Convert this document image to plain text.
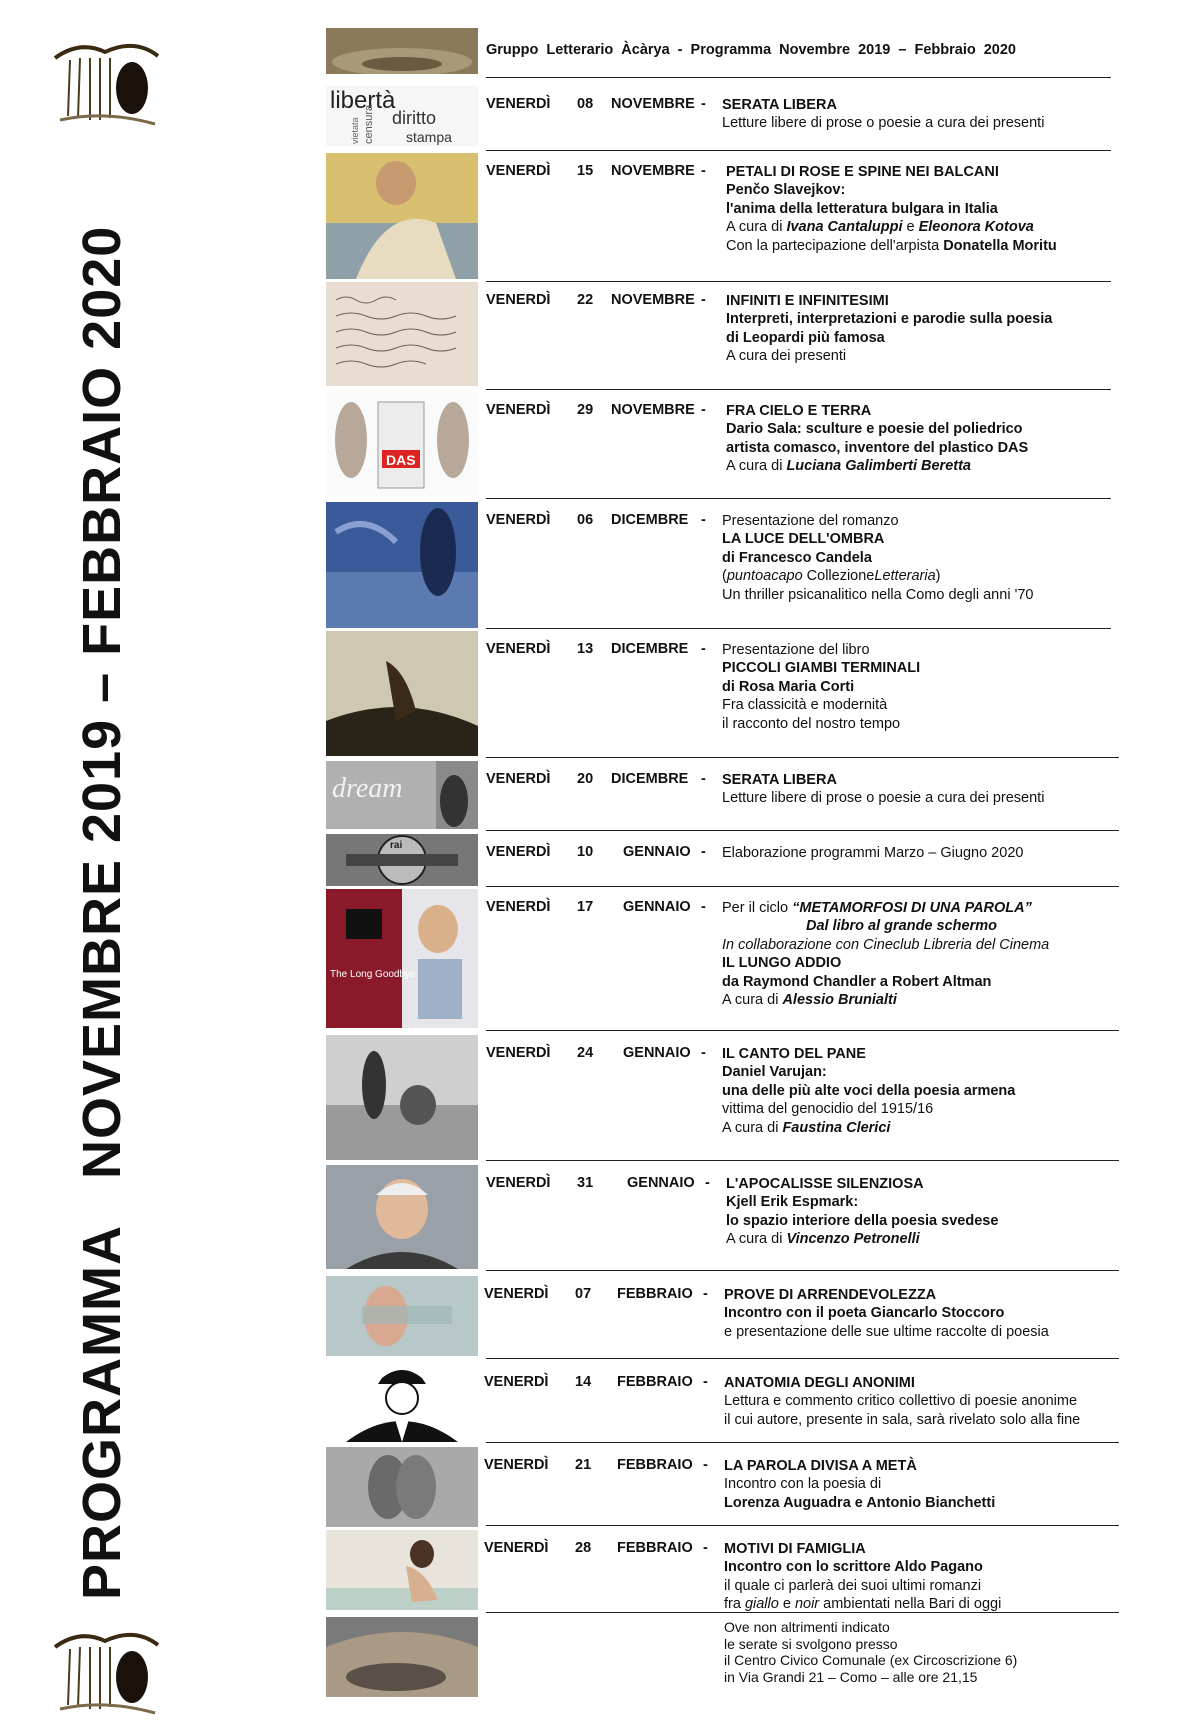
PROGRAMMA   NOVEMBRE 2019 – FEBBRAIO 2020
Gruppo Letterario Àcàrya - Programma Novembre 2019 – Febbraio 2020
libertà
diritto
stampa
censura
vietata
VENERDÌ 08 NOVEMBRE - SERATA LIBERA
Letture libere di prose o poesie a cura dei presenti
VENERDÌ 15 NOVEMBRE - PETALI DI ROSE E SPINE NEI BALCANI
Penčo Slavejkov:
l'anima della letteratura bulgara in Italia
A cura di Ivana Cantaluppi e Eleonora Kotova
Con la partecipazione dell'arpista Donatella Moritu
VENERDÌ 22 NOVEMBRE - INFINITI E INFINITESIMI
Interpreti, interpretazioni e parodie sulla poesia
di Leopardi più famosa
A cura dei presenti
DAS
VENERDÌ 29 NOVEMBRE - FRA CIELO E TERRA
Dario Sala: sculture e poesie del poliedrico
artista comasco, inventore del plastico DAS
A cura di Luciana Galimberti Beretta
VENERDÌ 06 DICEMBRE - Presentazione del romanzo
LA LUCE DELL'OMBRA
di Francesco Candela
(puntoacapo CollezioneLetteraria)
Un thriller psicanalitico nella Como degli anni '70
VENERDÌ 13 DICEMBRE - Presentazione del libro
PICCOLI GIAMBI TERMINALI
di Rosa Maria Corti
Fra classicità e modernità
il racconto del nostro tempo
dream	VENERDÌ 20 DICEMBRE - SERATA LIBERA
Letture libere di prose o poesie a cura dei presenti
rai	VENERDÌ 10 GENNAIO - Elaborazione programmi Marzo – Giugno 2020
The Long Goodbye
VENERDÌ 17 GENNAIO - Per il ciclo “METAMORFOSI DI UNA PAROLA”
Dal libro al grande schermo
In collaborazione con Cineclub Libreria del Cinema
IL LUNGO ADDIO
da Raymond Chandler a Robert Altman
A cura di Alessio Brunialti
VENERDÌ 24 GENNAIO - IL CANTO DEL PANE
Daniel Varujan:
una delle più alte voci della poesia armena
vittima del genocidio del 1915/16
A cura di Faustina Clerici
VENERDÌ 31 GENNAIO - L'APOCALISSE SILENZIOSA
Kjell Erik Espmark:
lo spazio interiore della poesia svedese
A cura di Vincenzo Petronelli
VENERDÌ 07 FEBBRAIO - PROVE DI ARRENDEVOLEZZA
Incontro con il poeta Giancarlo Stoccoro
e presentazione delle sue ultime raccolte di poesia
VENERDÌ 14 FEBBRAIO - ANATOMIA DEGLI ANONIMI
Lettura e commento critico collettivo di poesie anonime
il cui autore, presente in sala, sarà rivelato solo alla fine
VENERDÌ 21 FEBBRAIO - LA PAROLA DIVISA A METÀ
Incontro con la poesia di
Lorenza Auguadra e Antonio Bianchetti
VENERDÌ 28 FEBBRAIO - MOTIVI DI FAMIGLIA
Incontro con lo scrittore Aldo Pagano
il quale ci parlerà dei suoi ultimi romanzi
fra giallo e noir ambientati nella Bari di oggi
Ove non altrimenti indicato
le serate si svolgono presso
il Centro Civico Comunale (ex Circoscrizione 6)
in Via Grandi 21 – Como – alle ore 21,15
